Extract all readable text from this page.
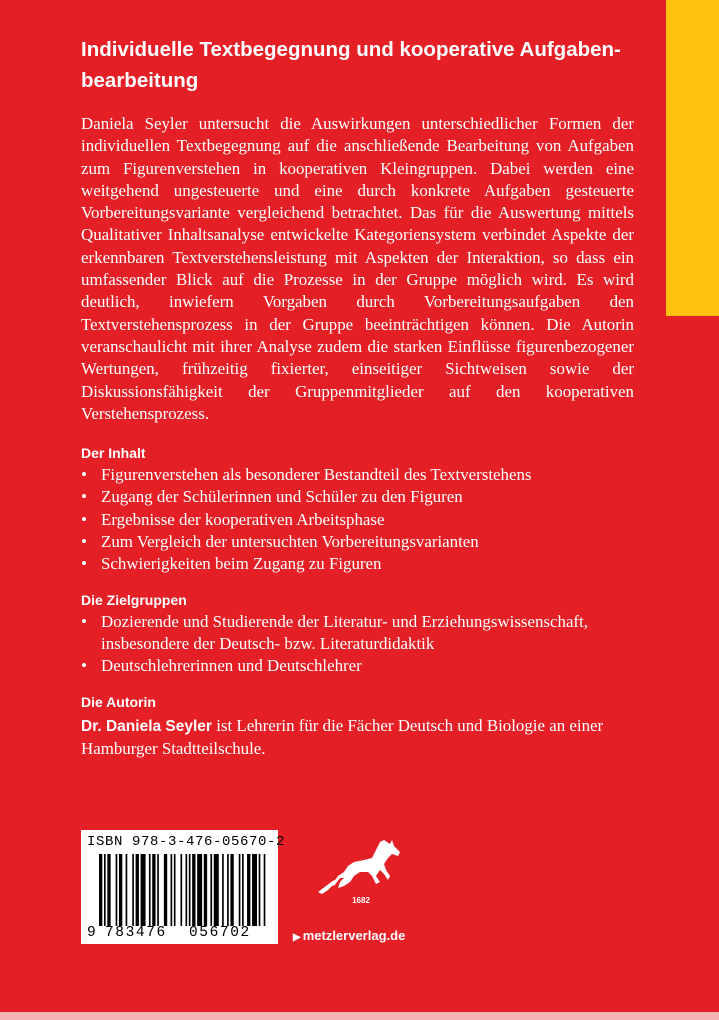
Individuelle Textbegegnung und kooperative Aufgaben-bearbeitung

Daniela Seyler untersucht die Auswirkungen unterschiedlicher Formen der individuellen Textbegegnung auf die anschließende Bearbeitung von Aufgaben zum Figurenverstehen in kooperativen Kleingruppen. Dabei werden eine weitgehend ungesteuerte und eine durch konkrete Aufgaben gesteuerte Vorbereitungsvariante vergleichend betrachtet. Das für die Auswertung mittels Qualitativer Inhaltsanalyse entwickelte Kategoriensystem verbindet Aspekte der erkennbaren Textverstehensleistung mit Aspekten der Interaktion, so dass ein umfassender Blick auf die Prozesse in der Gruppe möglich wird. Es wird deutlich, inwiefern Vorgaben durch Vorbereitungsaufgaben den Textverstehensprozess in der Gruppe beeinträchtigen können. Die Autorin veranschaulicht mit ihrer Analyse zudem die starken Einflüsse figurenbezogener Wertungen, frühzeitig fixierter, einseitiger Sichtweisen sowie der Diskussionsfähigkeit der Gruppenmitglieder auf den kooperativen Verstehensprozess.

Der Inhalt
• Figurenverstehen als besonderer Bestandteil des Textverstehens
• Zugang der Schülerinnen und Schüler zu den Figuren
• Ergebnisse der kooperativen Arbeitsphase
• Zum Vergleich der untersuchten Vorbereitungsvarianten
• Schwierigkeiten beim Zugang zu Figuren
Die Zielgruppen
• Dozierende und Studierende der Literatur- und Erziehungswissenschaft, insbesondere der Deutsch- bzw. Literaturdidaktik
• Deutschlehrerinnen und Deutschlehrer
Die Autorin

Dr. Daniela Seyler ist Lehrerin für die Fächer Deutsch und Biologie an einer Hamburger Stadtteilschule.

ISBN 978-3-476-05670-2
9 783476 056702
1682
▶ metzlerverlag.de
